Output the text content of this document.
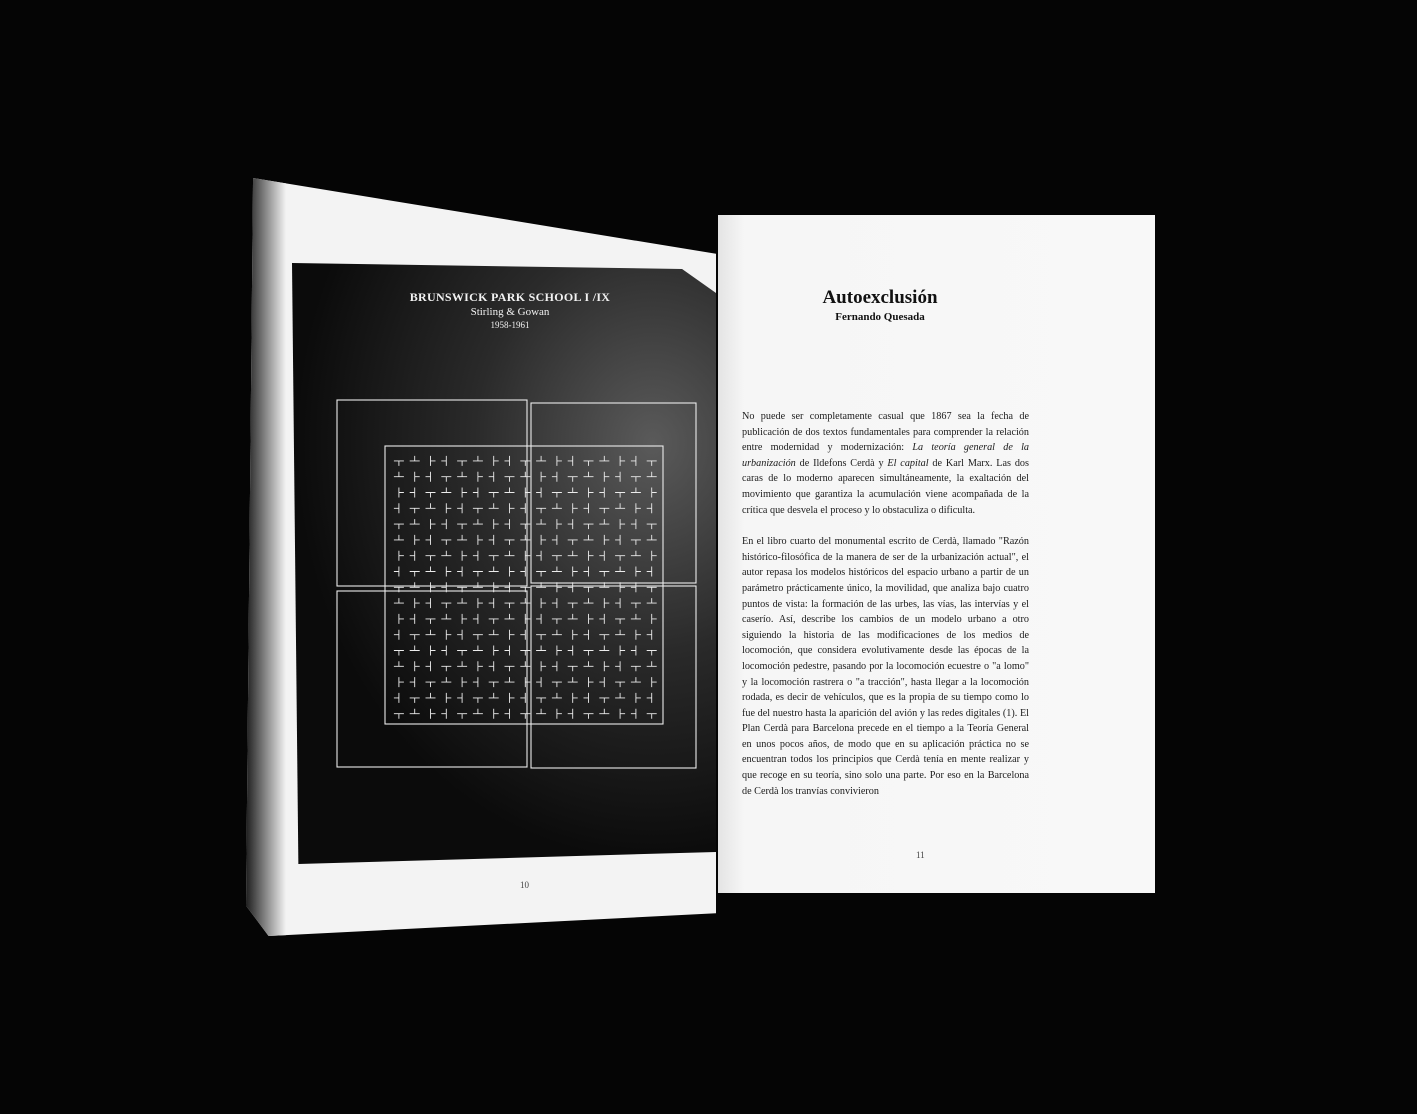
BRUNSWICK PARK SCHOOL I /IX
Stirling & Gowan
1958-1961
10
Autoexclusión
Fernando Quesada

No puede ser completamente casual que 1867 sea la fecha de publicación de dos textos fundamentales para comprender la relación entre modernidad y modernización: La teoría general de la urbanización de Ildefons Cerdà y El capital de Karl Marx. Las dos caras de lo moderno aparecen simultáneamente, la exaltación del movimiento que garantiza la acumulación viene acompañada de la crítica que desvela el proceso y lo obstaculiza o dificulta.

En el libro cuarto del monumental escrito de Cerdà, llamado "Razón histórico-filosófica de la manera de ser de la urbanización actual", el autor repasa los modelos históricos del espacio urbano a partir de un parámetro prácticamente único, la movilidad, que analiza bajo cuatro puntos de vista: la formación de las urbes, las vías, las intervías y el caserío. Así, describe los cambios de un modelo urbano a otro siguiendo la historia de las modificaciones de los medios de locomoción, que considera evolutivamente desde las épocas de la locomoción pedestre, pasando por la locomoción ecuestre o "a lomo" y la locomoción rastrera o "a tracción", hasta llegar a la locomoción rodada, es decir de vehículos, que es la propia de su tiempo como lo fue del nuestro hasta la aparición del avión y las redes digitales (1). El Plan Cerdà para Barcelona precede en el tiempo a la Teoría General en unos pocos años, de modo que en su aplicación práctica no se encuentran todos los principios que Cerdà tenía en mente realizar y que recoge en su teoría, sino solo una parte. Por eso en la Barcelona de Cerdà los tranvías convivieron

11
